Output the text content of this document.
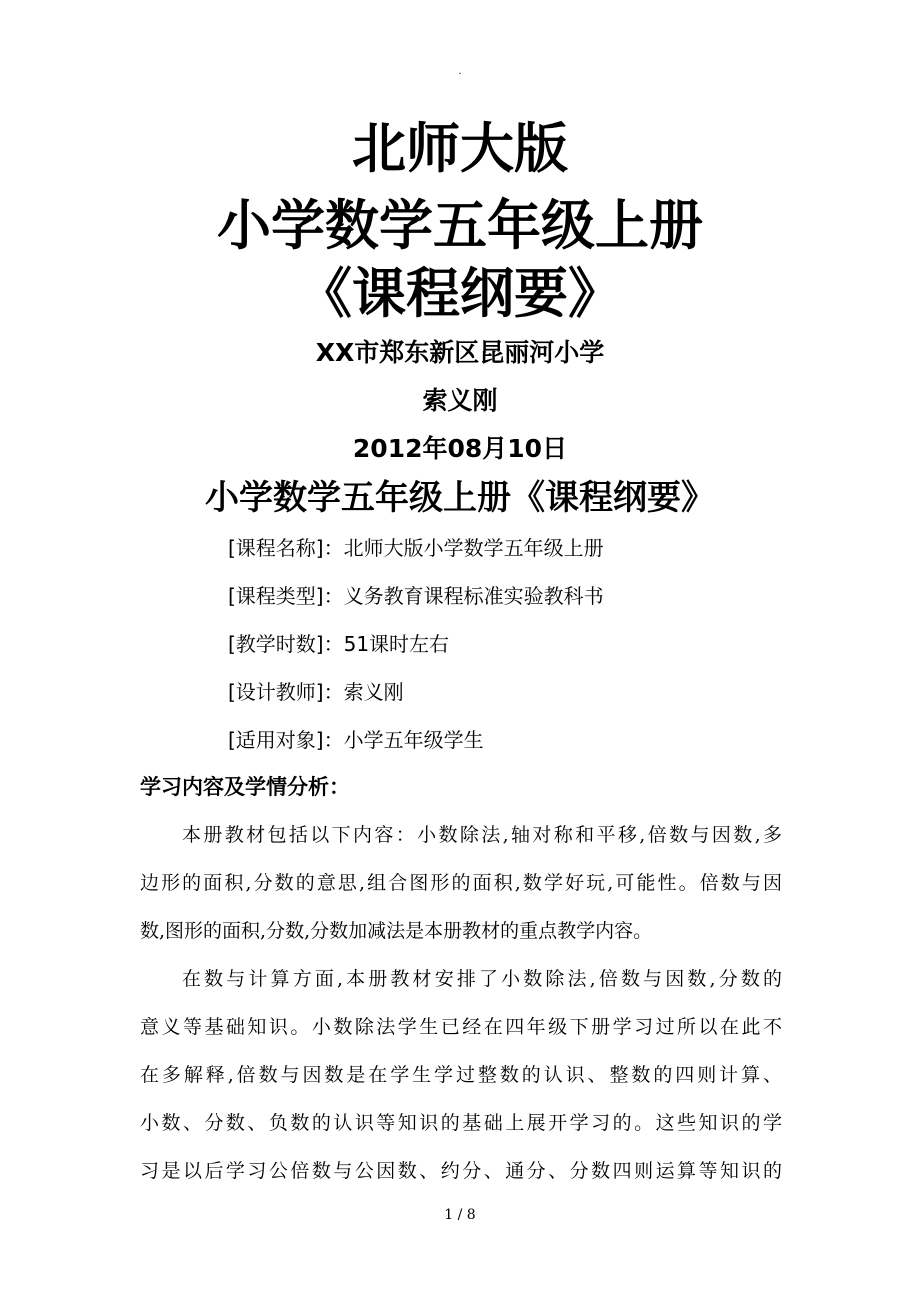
.
北师大版
小学数学五年级上册
《课程纲要》
XX市郑东新区昆丽河小学
索义刚
2012年08月10日
小学数学五年级上册《课程纲要》
[课程名称]：北师大版小学数学五年级上册
[课程类型]：义务教育课程标准实验教科书
[教学时数]：51课时左右
[设计教师]：索义刚
[适用对象]：小学五年级学生
学习内容及学情分析：
本册教材包括以下内容：小数除法,轴对称和平移,倍数与因数,多
边形的面积,分数的意思,组合图形的面积,数学好玩,可能性。倍数与因
数,图形的面积,分数,分数加减法是本册教材的重点教学内容。
在数与计算方面,本册教材安排了小数除法,倍数与因数,分数的
意义等基础知识。小数除法学生已经在四年级下册学习过所以在此不
在多解释,倍数与因数是在学生学过整数的认识、整数的四则计算、
小数、分数、负数的认识等知识的基础上展开学习的。这些知识的学
习是以后学习公倍数与公因数、约分、通分、分数四则运算等知识的
1 / 8
